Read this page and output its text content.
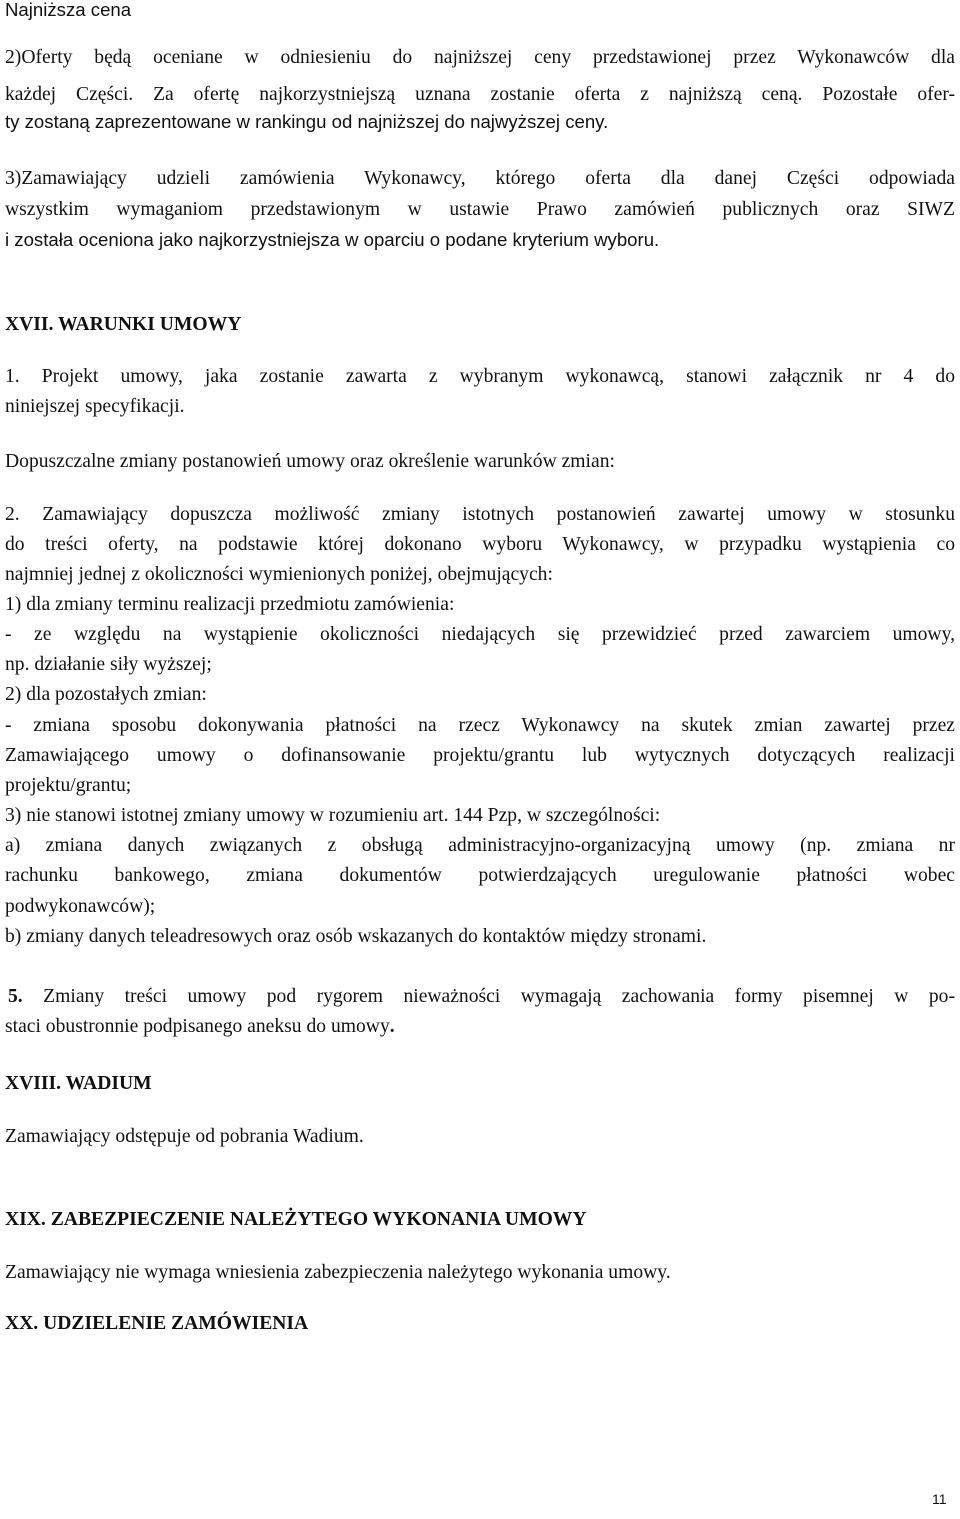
Najniższa cena
2)Oferty będą oceniane w odniesieniu do najniższej ceny przedstawionej przez Wykonawców dla
każdej Części. Za ofertę najkorzystniejszą uznana zostanie oferta z najniższą ceną. Pozostałe ofer-
ty zostaną zaprezentowane w rankingu od najniższej do najwyższej ceny.
3)Zamawiający udzieli zamówienia Wykonawcy, którego oferta dla danej Części odpowiada
wszystkim wymaganiom przedstawionym w ustawie Prawo zamówień publicznych oraz SIWZ
i została oceniona jako najkorzystniejsza w oparciu o podane kryterium wyboru.
XVII. WARUNKI UMOWY
1. Projekt umowy, jaka zostanie zawarta z wybranym wykonawcą, stanowi załącznik nr 4 do
niniejszej specyfikacji.
Dopuszczalne zmiany postanowień umowy oraz określenie warunków zmian:
2. Zamawiający dopuszcza możliwość zmiany istotnych postanowień zawartej umowy w stosunku
do treści oferty, na podstawie której dokonano wyboru Wykonawcy, w przypadku wystąpienia co
najmniej jednej z okoliczności wymienionych poniżej, obejmujących:
1) dla zmiany terminu realizacji przedmiotu zamówienia:
- ze względu na wystąpienie okoliczności niedających się przewidzieć przed zawarciem umowy,
np. działanie siły wyższej;
2) dla pozostałych zmian:
- zmiana sposobu dokonywania płatności na rzecz Wykonawcy na skutek zmian zawartej przez
Zamawiającego umowy o dofinansowanie projektu/grantu lub wytycznych dotyczących realizacji
projektu/grantu;
3) nie stanowi istotnej zmiany umowy w rozumieniu art. 144 Pzp, w szczególności:
a) zmiana danych związanych z obsługą administracyjno-organizacyjną umowy (np. zmiana nr
rachunku bankowego, zmiana dokumentów potwierdzających uregulowanie płatności wobec
podwykonawców);
b) zmiany danych teleadresowych oraz osób wskazanych do kontaktów między stronami.
5. Zmiany treści umowy pod rygorem nieważności wymagają zachowania formy pisemnej w po-
staci obustronnie podpisanego aneksu do umowy.
XVIII. WADIUM
Zamawiający odstępuje od pobrania Wadium.
XIX. ZABEZPIECZENIE NALEŻYTEGO WYKONANIA UMOWY
Zamawiający nie wymaga wniesienia zabezpieczenia należytego wykonania umowy.
XX. UDZIELENIE ZAMÓWIENIA
11
